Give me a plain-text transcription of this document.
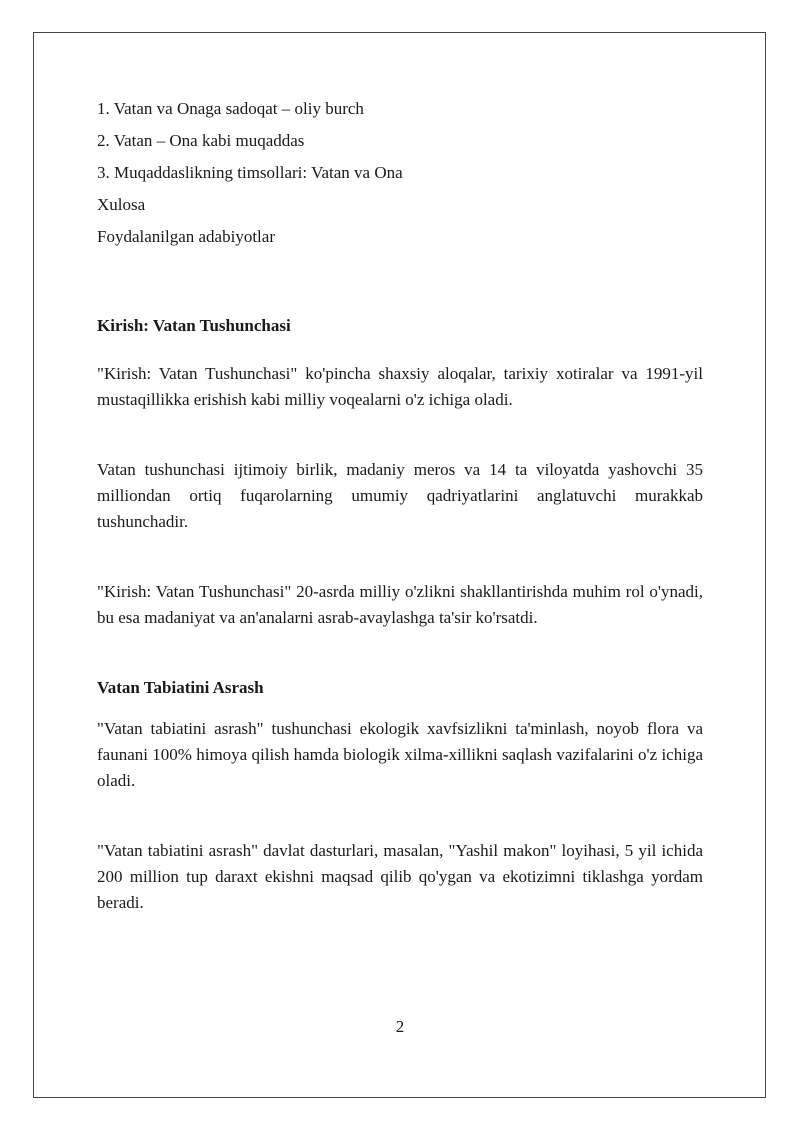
1. Vatan va Onaga sadoqat – oliy burch

2. Vatan – Ona kabi muqaddas

3. Muqaddaslikning timsollari: Vatan va Ona

Xulosa

Foydalanilgan adabiyotlar

Kirish: Vatan Tushunchasi

"Kirish: Vatan Tushunchasi" ko'pincha shaxsiy aloqalar, tarixiy xotiralar va 1991-yil mustaqillikka erishish kabi milliy voqealarni o'z ichiga oladi.

Vatan tushunchasi ijtimoiy birlik, madaniy meros va 14 ta viloyatda yashovchi 35 milliondan ortiq fuqarolarning umumiy qadriyatlarini anglatuvchi murakkab tushunchadir.

"Kirish: Vatan Tushunchasi" 20-asrda milliy o'zlikni shakllantirishda muhim rol o'ynadi, bu esa madaniyat va an'analarni asrab-avaylashga ta'sir ko'rsatdi.

Vatan Tabiatini Asrash

"Vatan tabiatini asrash" tushunchasi ekologik xavfsizlikni ta'minlash, noyob flora va faunani 100% himoya qilish hamda biologik xilma-xillikni saqlash vazifalarini o'z ichiga oladi.

"Vatan tabiatini asrash" davlat dasturlari, masalan, "Yashil makon" loyihasi, 5 yil ichida 200 million tup daraxt ekishni maqsad qilib qo'ygan va ekotizimni tiklashga yordam beradi.

2
